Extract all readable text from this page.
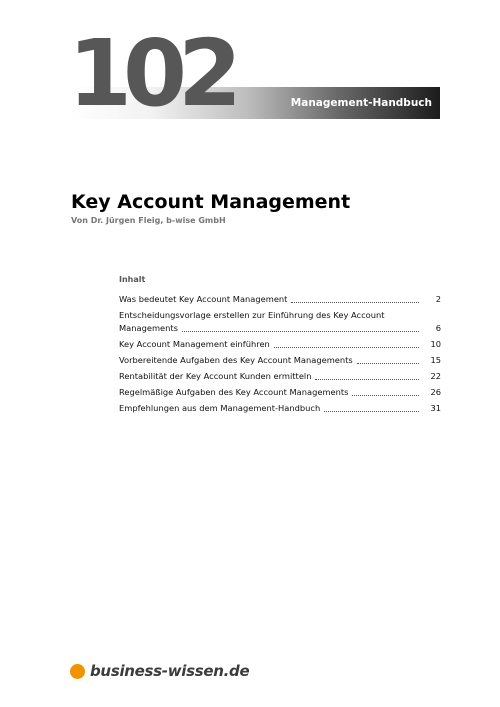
102	Management-Handbuch
Key Account Management
Von Dr. Jürgen Fleig, b-wise GmbH
Inhalt
Was bedeutet Key Account Management	2
Entscheidungsvorlage erstellen zur Einführung des Key Account
Managements	6
Key Account Management einführen	10
Vorbereitende Aufgaben des Key Account Managements	15
Rentabilität der Key Account Kunden ermitteln	22
Regelmäßige Aufgaben des Key Account Managements	26
Empfehlungen aus dem Management-Handbuch	31
business-wissen.de
